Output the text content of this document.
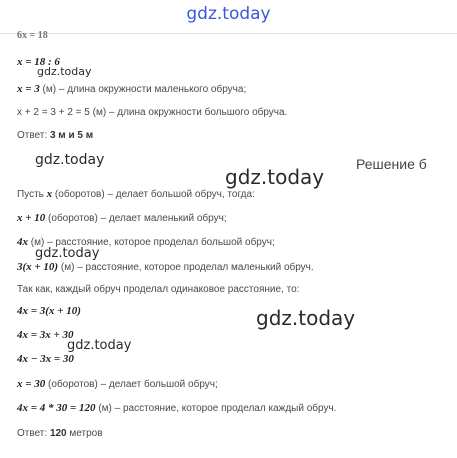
gdz.today
6x = 18
x = 18 : 6
x = 3 (м) – длина окружности маленького обруча;
x + 2 = 3 + 2 = 5 (м) – длина окружности большого обруча.
Ответ: 3 м и 5 м
Решение б
Пусть x (оборотов) – делает большой обруч, тогда:
x + 10 (оборотов) – делает маленький обруч;
4x (м) – расстояние, которое проделал большой обруч;
3(x + 10) (м) – расстояние, которое проделал маленький обруч.
Так как, каждый обруч проделал одинаковое расстояние, то:
4x = 3(x + 10)
4x = 3x + 30
4x − 3x = 30
x = 30 (оборотов) – делает большой обруч;
4x = 4 * 30 = 120 (м) – расстояние, которое проделал каждый обруч.
Ответ: 120 метров
gdz.today
gdz.today
gdz.today
gdz.today
gdz.today
gdz.today
